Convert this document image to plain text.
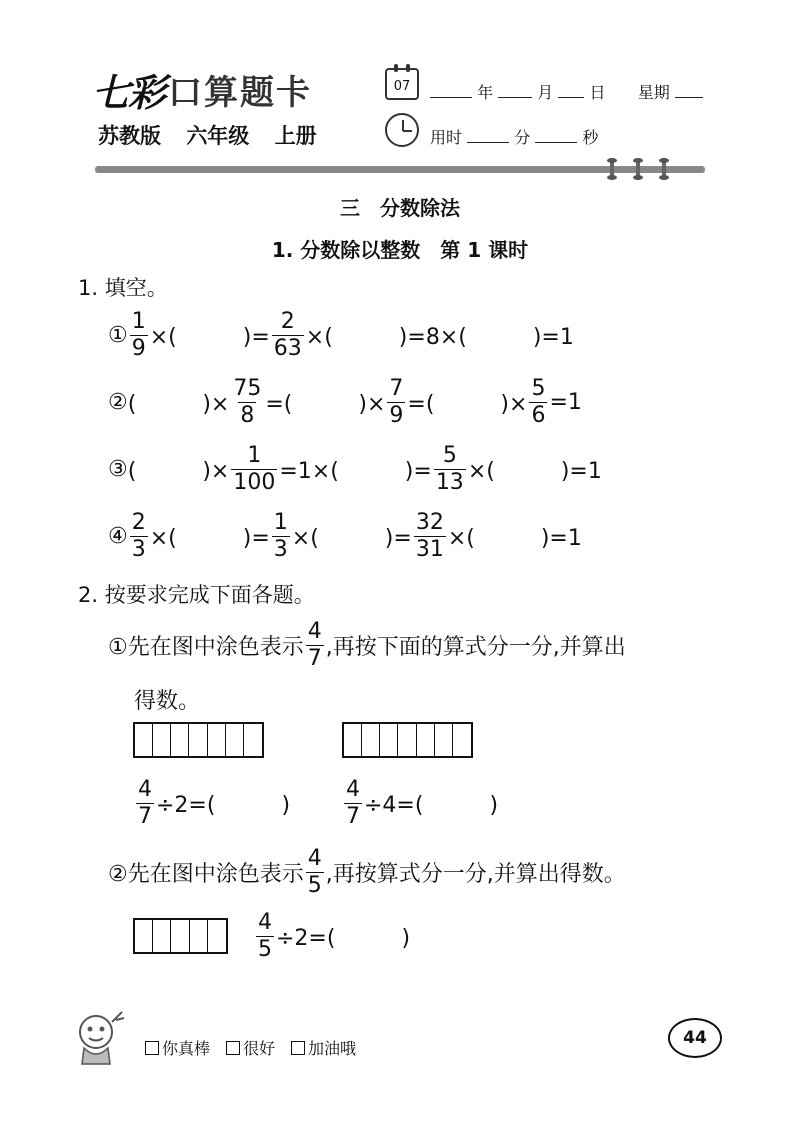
七彩 口算题卡
苏教版 六年级 上册
07	年	月 日 星期
用时	分	秒
三　分数除法
1. 分数除以整数　第 1 课时
1. 填空。
① $\frac{1}{9}$ ×(　　　)= $\frac{2}{63}$ ×(　　　)=8×(　　　)=1
② (　　　)× $\frac{75}{8}$ =(　　　)× $\frac{7}{9}$ =(　　　)× $\frac{5}{6} =1$
③ (　　　)× $\frac{1}{100} =1\times$(　　　)= $\frac{5}{13}$ ×(　　　)=1
④ $\frac{2}{3}$ ×(　　　)= $\frac{1}{3}$ ×(　　　)= $\frac{32}{31}$ ×(　　　)=1
2. 按要求完成下面各题。
①先在图中涂色表示 $\frac{4}{7}$ ,再按下面的算式分一分,并算出
得数。
$\frac{4}{7} \div 2=$(　　　) $\frac{4}{7} \div 4=$(　　　)
②先在图中涂色表示 $\frac{4}{5}$ ,再按算式分一分,并算出得数。
$\frac{4}{5} \div 2=$(　　　)
你真棒 很好 加油哦
44
